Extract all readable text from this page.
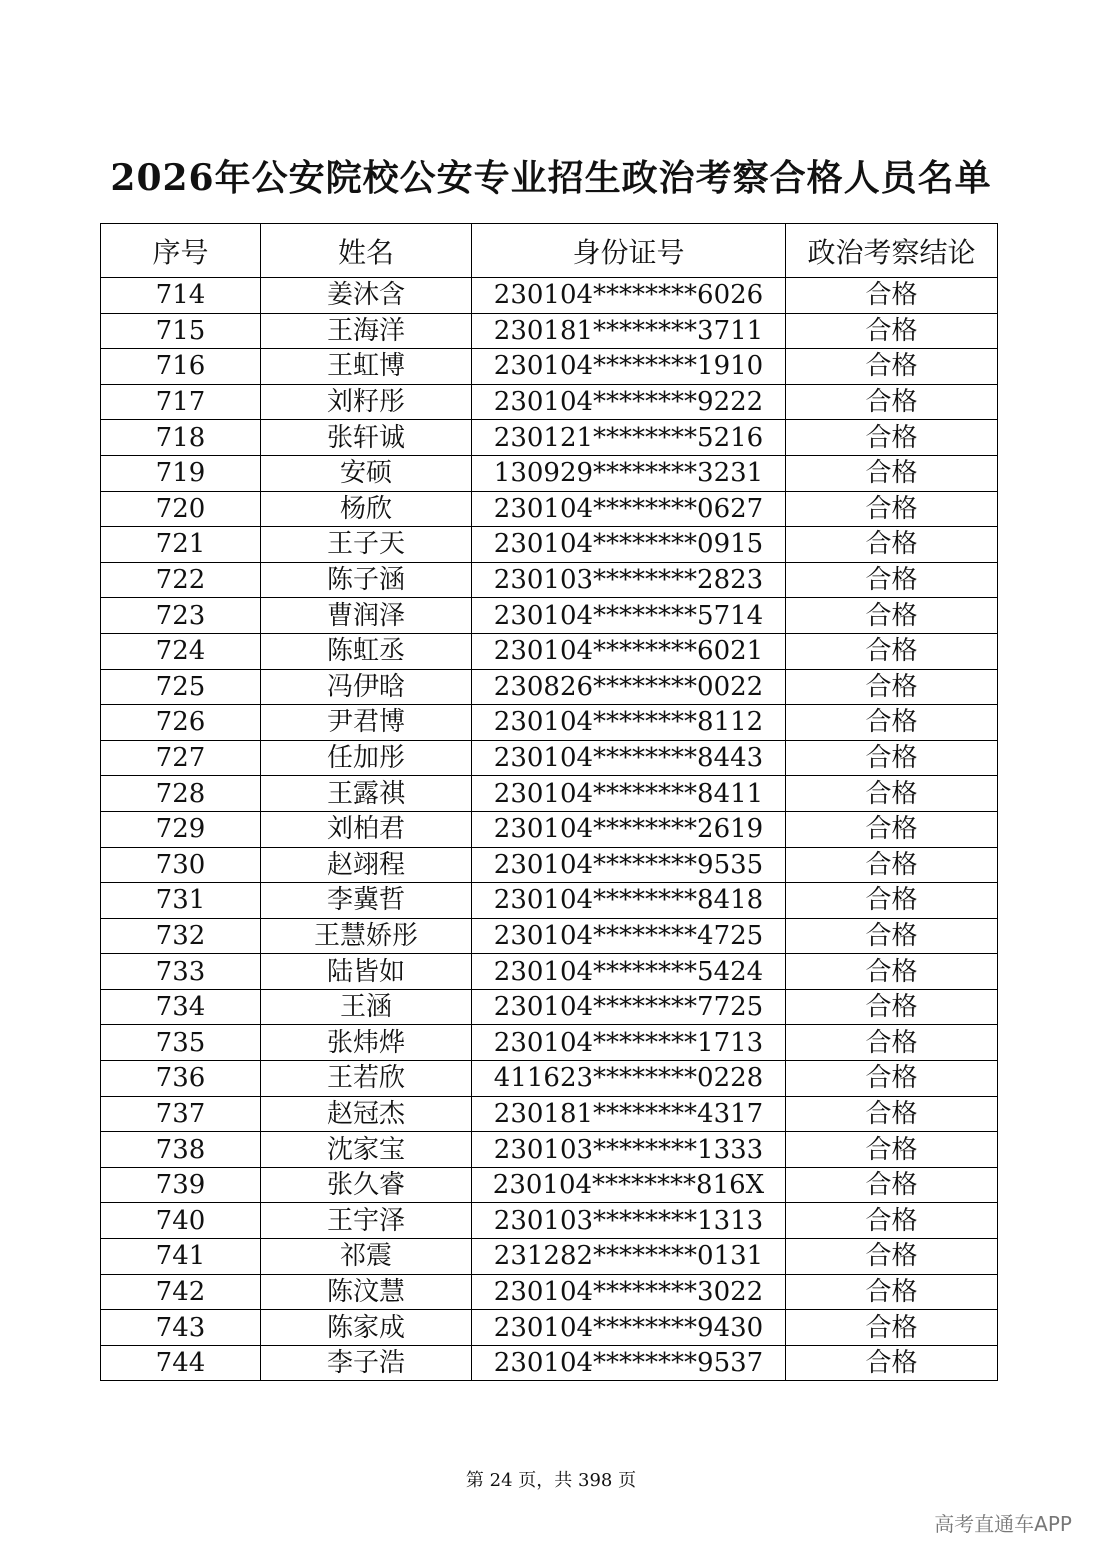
2026年公安院校公安专业招生政治考察合格人员名单
序号	姓名	身份证号	政治考察结论
714	姜沐含	230104********6026	合格
715	王海洋	230181********3711	合格
716	王虹博	230104********1910	合格
717	刘籽彤	230104********9222	合格
718	张轩诚	230121********5216	合格
719	安硕	130929********3231	合格
720	杨欣	230104********0627	合格
721	王子天	230104********0915	合格
722	陈子涵	230103********2823	合格
723	曹润泽	230104********5714	合格
724	陈虹丞	230104********6021	合格
725	冯伊晗	230826********0022	合格
726	尹君博	230104********8112	合格
727	任加彤	230104********8443	合格
728	王露祺	230104********8411	合格
729	刘柏君	230104********2619	合格
730	赵翊程	230104********9535	合格
731	李冀哲	230104********8418	合格
732	王慧娇彤	230104********4725	合格
733	陆皆如	230104********5424	合格
734	王涵	230104********7725	合格
735	张炜烨	230104********1713	合格
736	王若欣	411623********0228	合格
737	赵冠杰	230181********4317	合格
738	沈家宝	230103********1333	合格
739	张久睿	230104********816X	合格
740	王宇泽	230103********1313	合格
741	祁震	231282********0131	合格
742	陈汶慧	230104********3022	合格
743	陈家成	230104********9430	合格
744	李子浩	230104********9537	合格
第 24 页，共 398 页
高考直通车APP
